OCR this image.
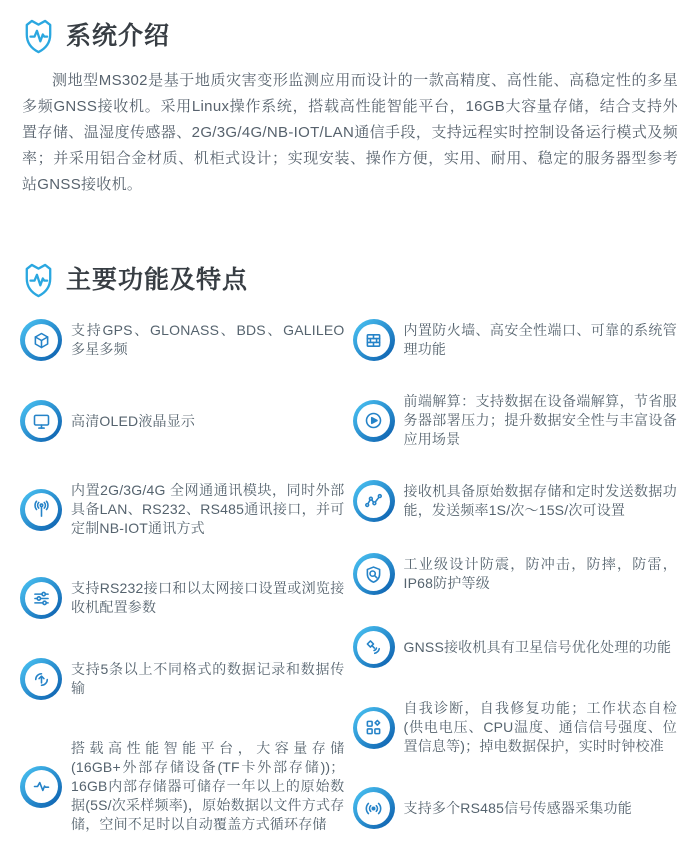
系统介绍

测地型MS302是基于地质灾害变形监测应用而设计的一款高精度、高性能、高稳定性的多星多频GNSS接收机。采用Linux操作系统，搭载高性能智能平台，16GB大容量存储，结合支持外置存储、温湿度传感器、2G/3G/4G/NB-IOT/LAN通信手段，支持远程实时控制设备运行模式及频率；并采用铝合金材质、机柜式设计；实现安装、操作方便，实用、耐用、稳定的服务器型参考站GNSS接收机。

主要功能及特点

支持GPS、GLONASS、BDS、GALILEO多星多频

高清OLED液晶显示

内置2G/3G/4G 全网通通讯模块，同时外部具备LAN、RS232、RS485通讯接口，并可定制NB-IOT通讯方式

支持RS232接口和以太网接口设置或浏览接收机配置参数

支持5条以上不同格式的数据记录和数据传输

搭载高性能智能平台，大容量存储(16GB+外部存储设备(TF卡外部存储))；16GB内部存储器可储存一年以上的原始数据(5S/次采样频率)，原始数据以文件方式存储，空间不足时以自动覆盖方式循环存储

内置防火墙、高安全性端口、可靠的系统管理功能

前端解算：支持数据在设备端解算，节省服务器部署压力；提升数据安全性与丰富设备应用场景

接收机具备原始数据存储和定时发送数据功能，发送频率1S/次～15S/次可设置

工业级设计防震，防冲击，防摔，防雷，IP68防护等级

GNSS接收机具有卫星信号优化处理的功能

自我诊断，自我修复功能；工作状态自检(供电电压、CPU温度、通信信号强度、位置信息等)；掉电数据保护，实时时钟校准

支持多个RS485信号传感器采集功能
